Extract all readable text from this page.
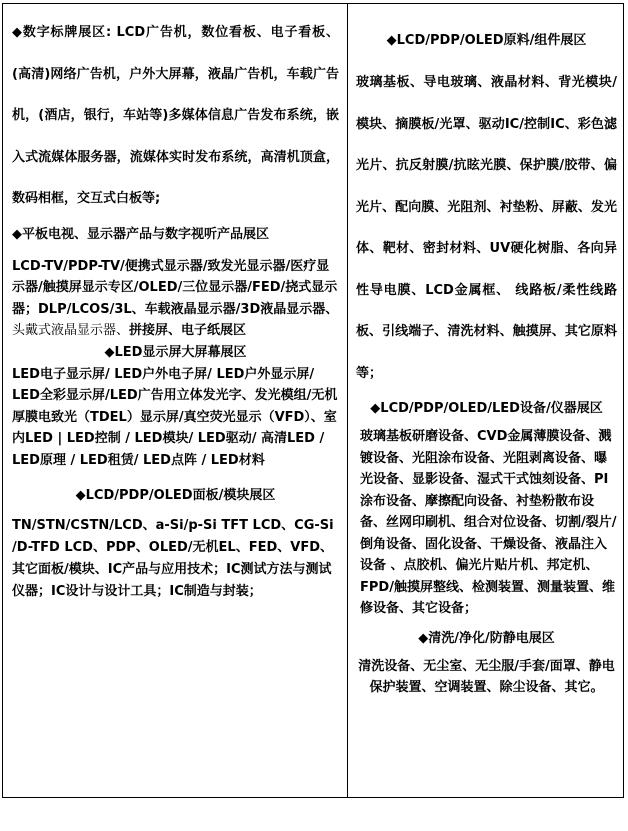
◆数字标牌展区: LCD广告机，数位看板、电子看板、(高清)网络广告机，户外大屏幕，液晶广告机，车载广告机，(酒店，银行，车站等)多媒体信息广告发布系统，嵌入式流媒体服务器，流媒体实时发布系统，高清机顶盒，数码相框，交互式白板等;

◆平板电视、显示器产品与数字视听产品展区

LCD-TV/PDP-TV/便携式显示器/致发光显示器/医疗显示器/触摸屏显示专区/OLED/三位显示器/FED/挠式显示器；DLP/LCOS/3L、车载液晶显示器/3D液晶显示器、头戴式液晶显示器、拼接屏、电子纸展区

◆LED显示屏大屏幕展区

LED电子显示屏/ LED户外电子屏/ LED户外显示屏/ LED全彩显示屏/LED广告用立体发光字、发光模组/无机厚膜电致光（TDEL）显示屏/真空荧光显示（VFD）、室内LED | LED控制 / LED模块/ LED驱动/ 高清LED / LED原理 / LED租赁/ LED点阵 / LED材料

◆LCD/PDP/OLED面板/模块展区

TN/STN/CSTN/LCD、a-Si/p-Si TFT LCD、CG-Si /D-TFD LCD、PDP、OLED/无机EL、FED、VFD、其它面板/模块、IC产品与应用技术；IC测试方法与测试仪器；IC设计与设计工具；IC制造与封装；

◆LCD/PDP/OLED原料/组件展区

玻璃基板、导电玻璃、液晶材料、背光模块/模块、摘膜板/光罩、驱动IC/控制IC、彩色滤光片、抗反射膜/抗眩光膜、保护膜/胶带、偏光片、配向膜、光阻剂、衬垫粉、屏蔽、发光体、靶材、密封材料、UV硬化树脂、各向异性导电膜、LCD金属框、 线路板/柔性线路板、引线端子、清洗材料、触摸屏、其它原料等；

◆LCD/PDP/OLED/LED设备/仪器展区

玻璃基板研磨设备、CVD金属薄膜设备、溅镀设备、光阻涂布设备、光阻剥离设备、曝光设备、显影设备、湿式干式蚀刻设备、PI涂布设备、摩擦配向设备、衬垫粉散布设备、丝网印刷机、组合对位设备、切割/裂片/倒角设备、固化设备、干燥设备、液晶注入设备 、点胶机、偏光片贴片机、邦定机、FPD/触摸屏整线、检测装置、测量装置、维修设备、其它设备；

◆清洗/净化/防静电展区

清洗设备、无尘室、无尘服/手套/面罩、静电保护装置、空调装置、除尘设备、其它。
